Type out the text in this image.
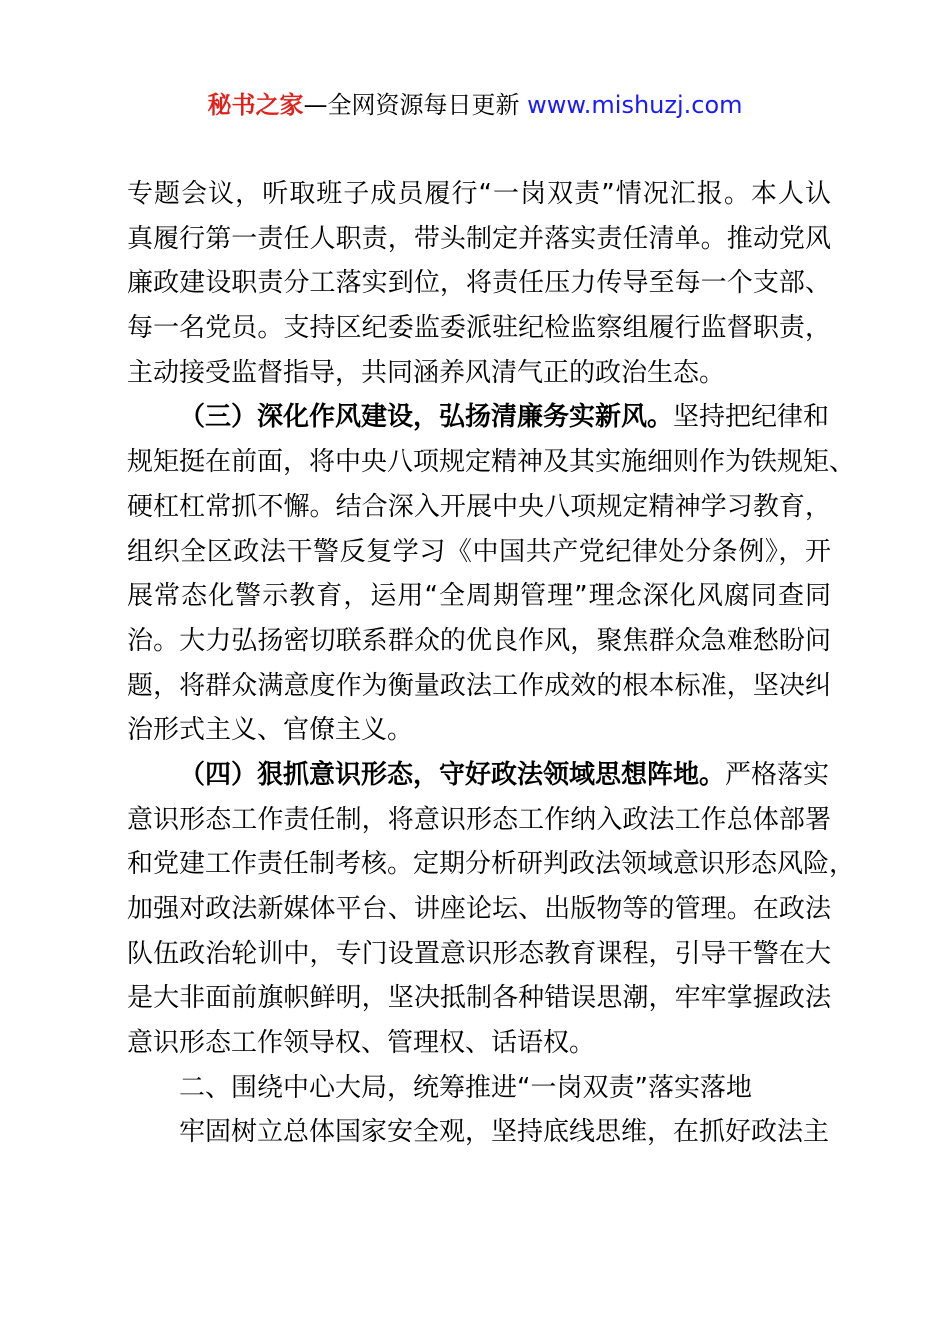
秘书之家—全网资源每日更新 www.mishuzj.com
专题会议，听取班子成员履行“一岗双责”情况汇报。本人认
真履行第一责任人职责，带头制定并落实责任清单。推动党风
廉政建设职责分工落实到位，将责任压力传导至每一个支部、
每一名党员。支持区纪委监委派驻纪检监察组履行监督职责，
主动接受监督指导，共同涵养风清气正的政治生态。
（三）深化作风建设，弘扬清廉务实新风。坚持把纪律和
规矩挺在前面，将中央八项规定精神及其实施细则作为铁规矩、
硬杠杠常抓不懈。结合深入开展中央八项规定精神学习教育，
组织全区政法干警反复学习《中国共产党纪律处分条例》，开
展常态化警示教育，运用“全周期管理”理念深化风腐同查同
治。大力弘扬密切联系群众的优良作风，聚焦群众急难愁盼问
题，将群众满意度作为衡量政法工作成效的根本标准，坚决纠
治形式主义、官僚主义。
（四）狠抓意识形态，守好政法领域思想阵地。严格落实
意识形态工作责任制，将意识形态工作纳入政法工作总体部署
和党建工作责任制考核。定期分析研判政法领域意识形态风险，
加强对政法新媒体平台、讲座论坛、出版物等的管理。在政法
队伍政治轮训中，专门设置意识形态教育课程，引导干警在大
是大非面前旗帜鲜明，坚决抵制各种错误思潮，牢牢掌握政法
意识形态工作领导权、管理权、话语权。
二、围绕中心大局，统筹推进“一岗双责”落实落地
牢固树立总体国家安全观，坚持底线思维，在抓好政法主
